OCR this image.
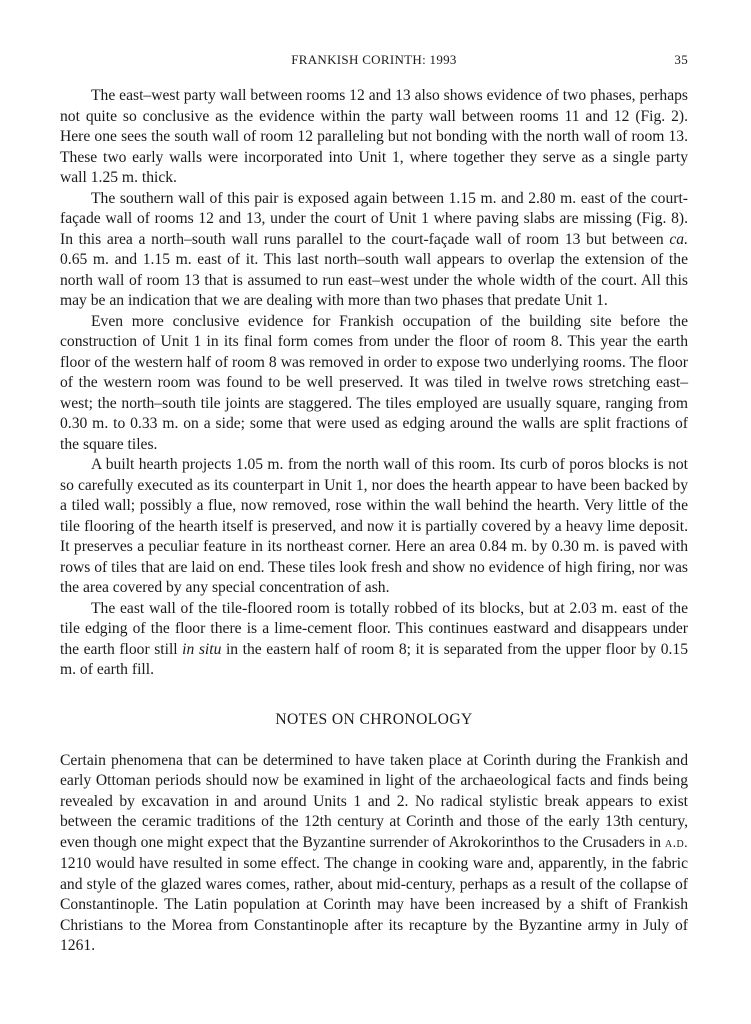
FRANKISH CORINTH: 1993	35

The east–west party wall between rooms 12 and 13 also shows evidence of two phases, perhaps not quite so conclusive as the evidence within the party wall between rooms 11 and 12 (Fig. 2). Here one sees the south wall of room 12 paralleling but not bonding with the north wall of room 13. These two early walls were incorporated into Unit 1, where together they serve as a single party wall 1.25 m. thick.

The southern wall of this pair is exposed again between 1.15 m. and 2.80 m. east of the court-façade wall of rooms 12 and 13, under the court of Unit 1 where paving slabs are missing (Fig. 8). In this area a north–south wall runs parallel to the court-façade wall of room 13 but between ca. 0.65 m. and 1.15 m. east of it. This last north–south wall appears to overlap the extension of the north wall of room 13 that is assumed to run east–west under the whole width of the court. All this may be an indication that we are dealing with more than two phases that predate Unit 1.

Even more conclusive evidence for Frankish occupation of the building site before the construction of Unit 1 in its final form comes from under the floor of room 8. This year the earth floor of the western half of room 8 was removed in order to expose two underlying rooms. The floor of the western room was found to be well preserved. It was tiled in twelve rows stretching east–west; the north–south tile joints are staggered. The tiles employed are usually square, ranging from 0.30 m. to 0.33 m. on a side; some that were used as edging around the walls are split fractions of the square tiles.

A built hearth projects 1.05 m. from the north wall of this room. Its curb of poros blocks is not so carefully executed as its counterpart in Unit 1, nor does the hearth appear to have been backed by a tiled wall; possibly a flue, now removed, rose within the wall behind the hearth. Very little of the tile flooring of the hearth itself is preserved, and now it is partially covered by a heavy lime deposit. It preserves a peculiar feature in its northeast corner. Here an area 0.84 m. by 0.30 m. is paved with rows of tiles that are laid on end. These tiles look fresh and show no evidence of high firing, nor was the area covered by any special concentration of ash.

The east wall of the tile-floored room is totally robbed of its blocks, but at 2.03 m. east of the tile edging of the floor there is a lime-cement floor. This continues eastward and disappears under the earth floor still in situ in the eastern half of room 8; it is separated from the upper floor by 0.15 m. of earth fill.

NOTES ON CHRONOLOGY

Certain phenomena that can be determined to have taken place at Corinth during the Frankish and early Ottoman periods should now be examined in light of the archaeological facts and finds being revealed by excavation in and around Units 1 and 2. No radical stylistic break appears to exist between the ceramic traditions of the 12th century at Corinth and those of the early 13th century, even though one might expect that the Byzantine surrender of Akrokorinthos to the Crusaders in a.d. 1210 would have resulted in some effect. The change in cooking ware and, apparently, in the fabric and style of the glazed wares comes, rather, about mid-century, perhaps as a result of the collapse of Constantinople. The Latin population at Corinth may have been increased by a shift of Frankish Christians to the Morea from Constantinople after its recapture by the Byzantine army in July of 1261.
